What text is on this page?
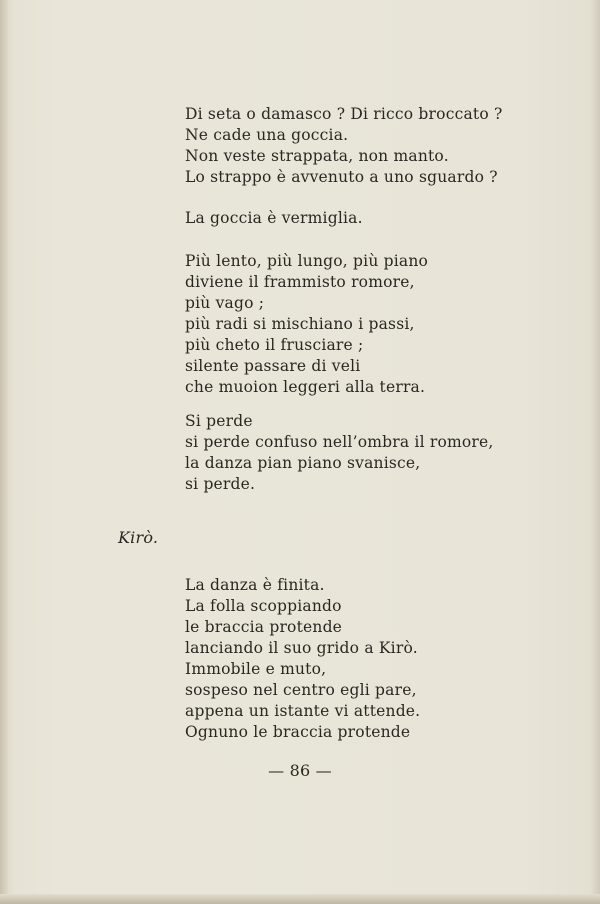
Di seta o damasco ? Di ricco broccato ?
Ne cade una goccia.
Non veste strappata, non manto.
Lo strappo è avvenuto a uno sguardo ?
La goccia è vermiglia.
Più lento, più lungo, più piano
diviene il frammisto romore,
più vago ;
più radi si mischiano i passi,
più cheto il frusciare ;
silente passare di veli
che muoion leggeri alla terra.
Si perde
si perde confuso nell’ombra il romore,
la danza pian piano svanisce,
si perde.
Kirò.
La danza è finita.
La folla scoppiando
le braccia protende
lanciando il suo grido a Kirò.
Immobile e muto,
sospeso nel centro egli pare,
appena un istante vi attende.
Ognuno le braccia protende
— 86 —
